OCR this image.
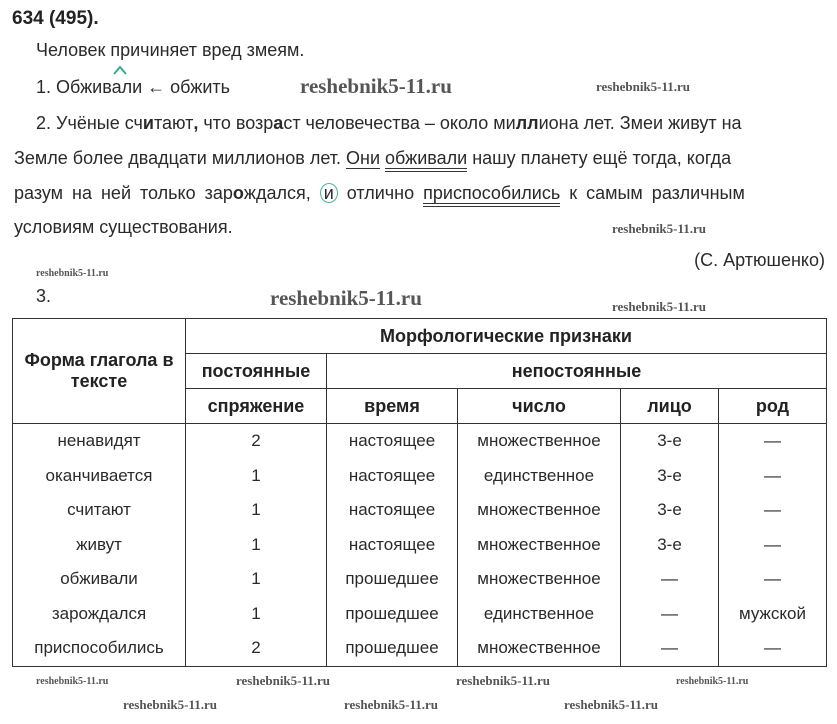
634 (495).
Человек причиняет вред змеям.
1. Обживали ← обжить
2. Учёные считают, что возраст человечества – около миллиона лет. Змеи живут на
Земле более двадцати миллионов лет. Они обживали нашу планету ещё тогда, когда
разум на ней только зарождался, и отлично приспособились к самым различным
условиям существования.
(С. Артюшенко)
3.
reshebnik5-11.ru	reshebnik5-11.ru
reshebnik5-11.ru
reshebnik5-11.ru
reshebnik5-11.ru	reshebnik5-11.ru
Форма глагола в тексте	Морфологические признаки				
	постоянные	непостоянные			
	спряжение	время	число	лицо	род
ненавидят	2	настоящее	множественное	3-е	—
оканчивается	1	настоящее	единственное	3-е	—
считают	1	настоящее	множественное	3-е	—
живут	1	настоящее	множественное	3-е	—
обживали	1	прошедшее	множественное	—	—
зарождался	1	прошедшее	единственное	—	мужской
приспособились	2	прошедшее	множественное	—	—
reshebnik5-11.ru	reshebnik5-11.ru	reshebnik5-11.ru	reshebnik5-11.ru
reshebnik5-11.ru	reshebnik5-11.ru	reshebnik5-11.ru
